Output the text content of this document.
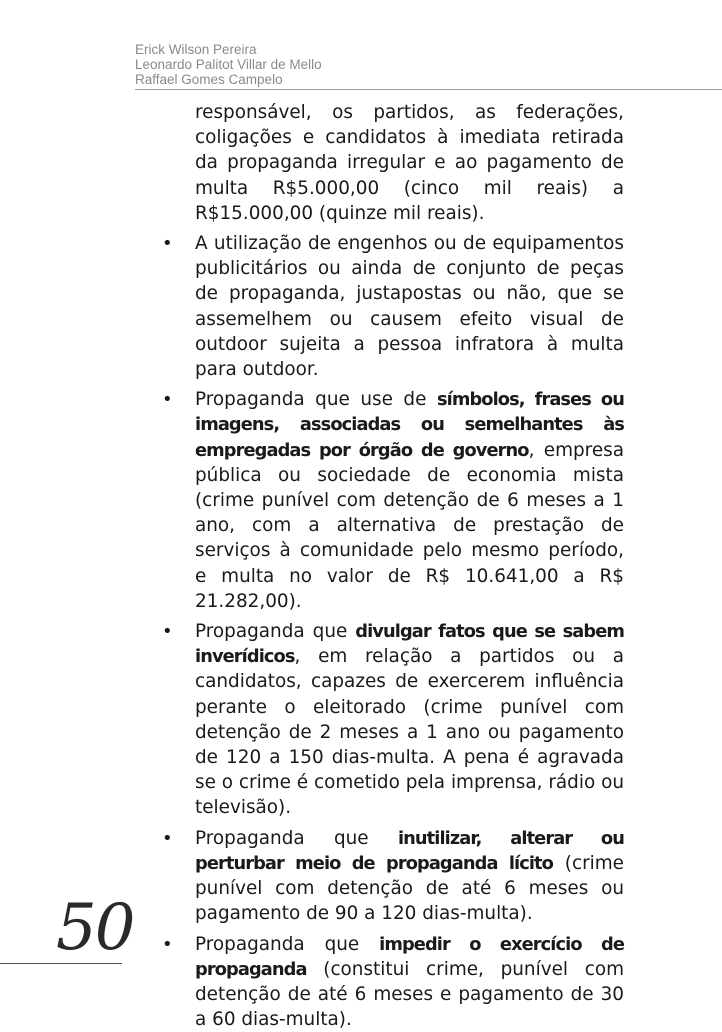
Erick Wilson Pereira
Leonardo Palitot Villar de Mello
Raffael Gomes Campelo

responsável, os partidos, as federações, coligações e candidatos à imediata retirada da propaganda irregular e ao pagamento de multa R$5.000,00 (cinco mil reais) a R$15.000,00 (quinze mil reais).

• A utilização de engenhos ou de equipamentos publicitários ou ainda de conjunto de peças de propaganda, justapostas ou não, que se assemelhem ou causem efeito visual de outdoor sujeita a pessoa infratora à multa para outdoor.
• Propaganda que use de símbolos, frases ou imagens, associadas ou semelhantes às empregadas por órgão de governo, empresa pública ou sociedade de economia mista (crime punível com detenção de 6 meses a 1 ano, com a alternativa de prestação de serviços à comunidade pelo mesmo período, e multa no valor de R$ 10.641,00 a R$ 21.282,00).
• Propaganda que divulgar fatos que se sabem inverídicos, em relação a partidos ou a candidatos, capazes de exercerem influência perante o eleitorado (crime punível com detenção de 2 meses a 1 ano ou pagamento de 120 a 150 dias-multa. A pena é agravada se o crime é cometido pela imprensa, rádio ou televisão).
• Propaganda que inutilizar, alterar ou perturbar meio de propaganda lícito (crime punível com detenção de até 6 meses ou pagamento de 90 a 120 dias-multa).
• Propaganda que impedir o exercício de propaganda (constitui crime, punível com detenção de até 6 meses e pagamento de 30 a 60 dias-multa).
50
